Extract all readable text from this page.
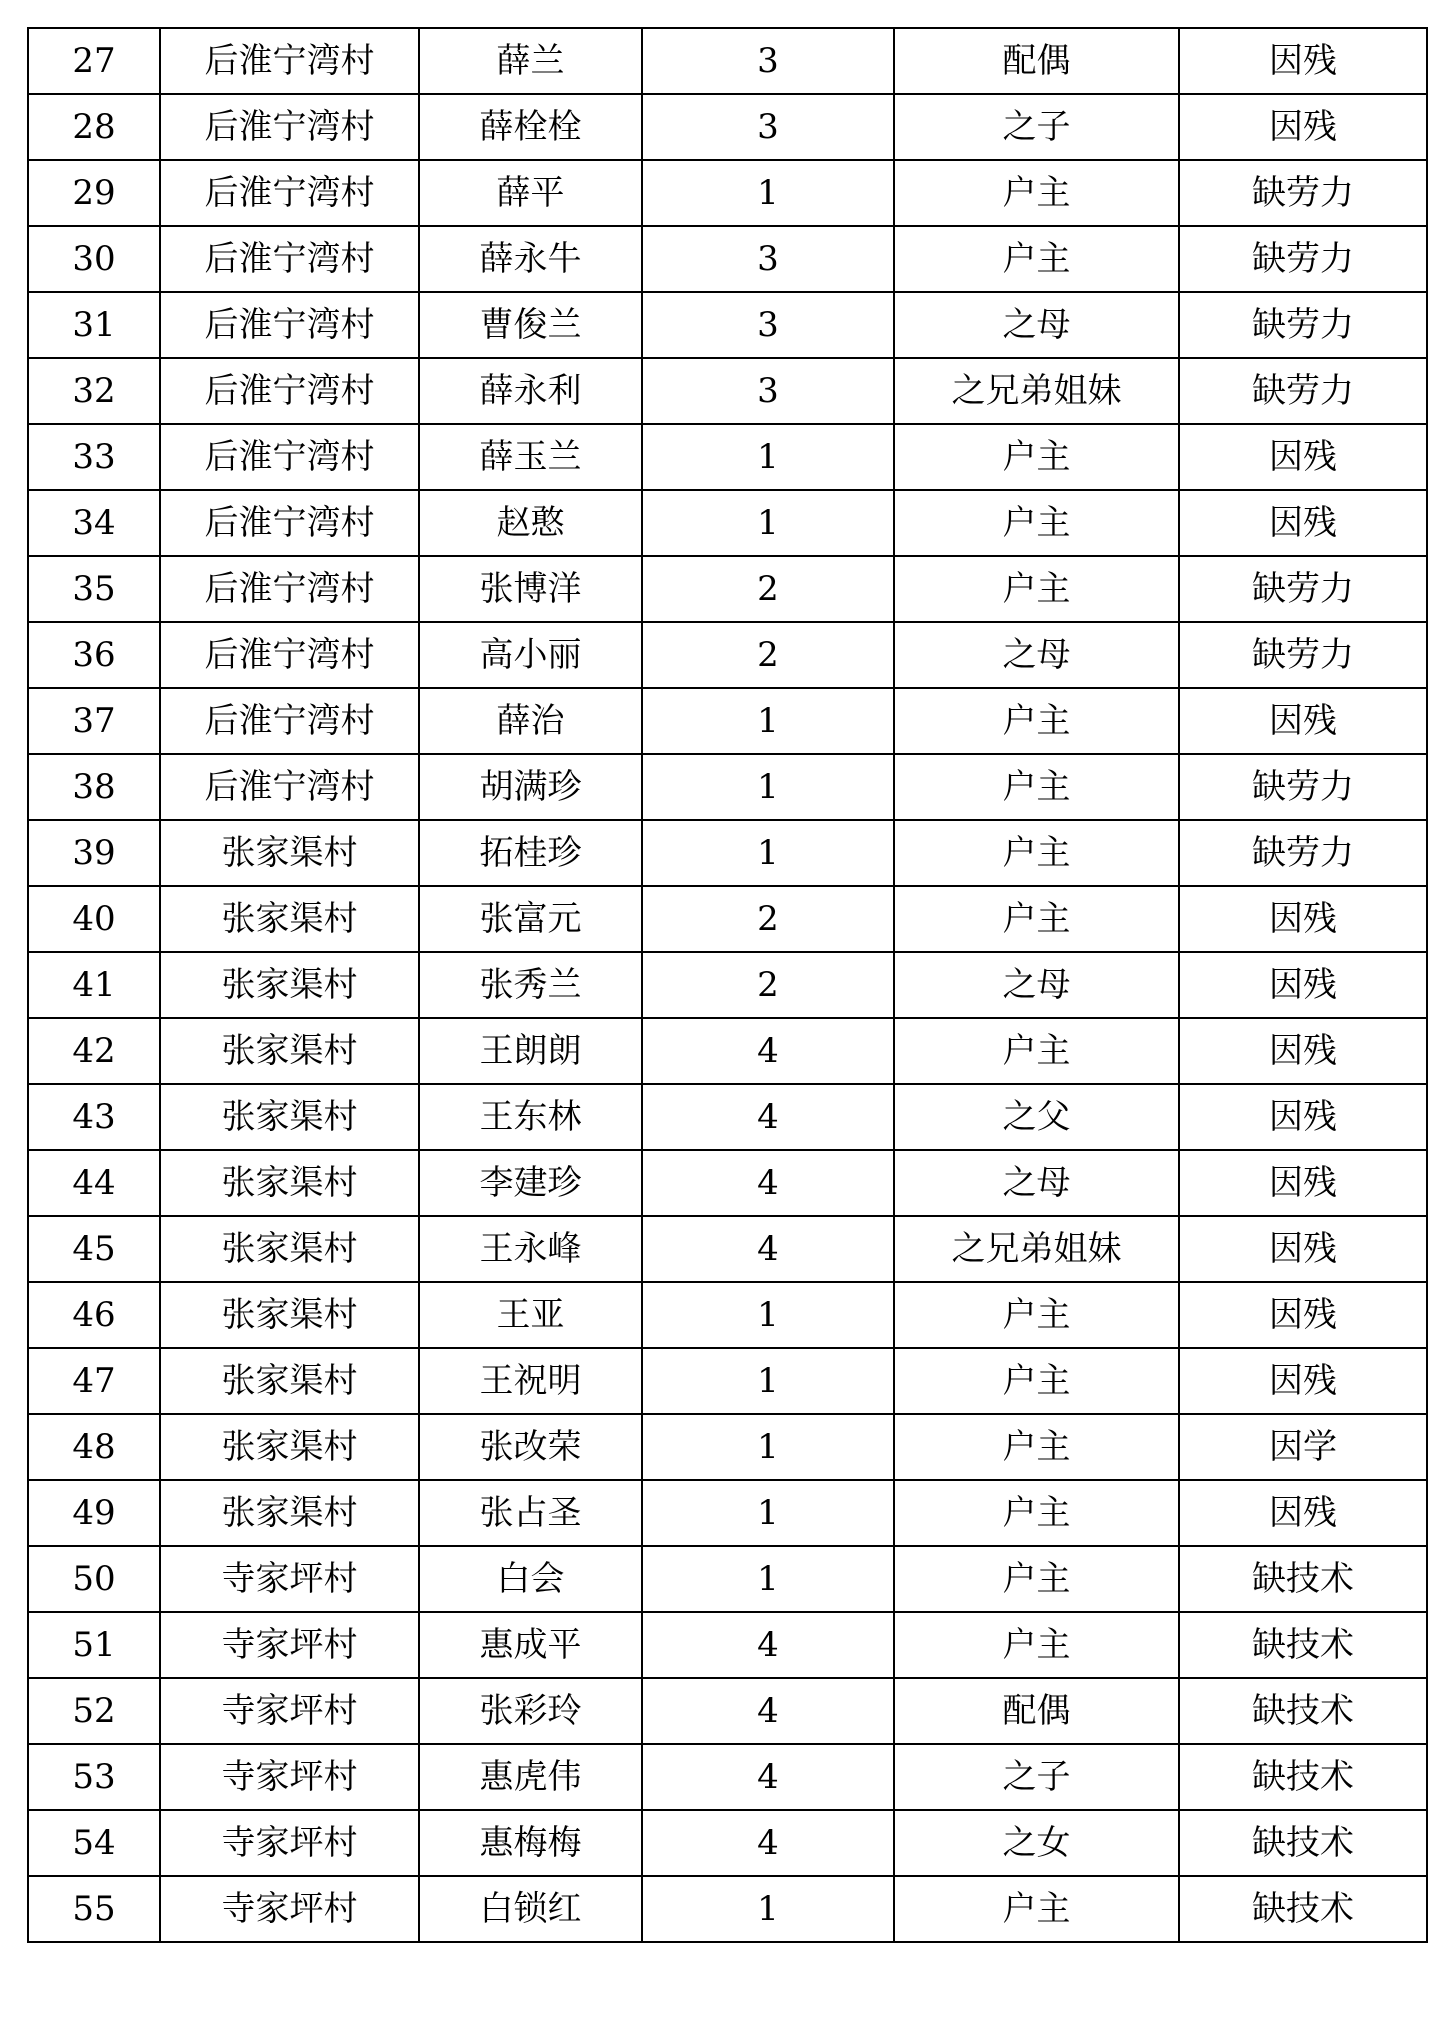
27	后淮宁湾村	薛兰	3	配偶	因残
28	后淮宁湾村	薛栓栓	3	之子	因残
29	后淮宁湾村	薛平	1	户主	缺劳力
30	后淮宁湾村	薛永牛	3	户主	缺劳力
31	后淮宁湾村	曹俊兰	3	之母	缺劳力
32	后淮宁湾村	薛永利	3	之兄弟姐妹	缺劳力
33	后淮宁湾村	薛玉兰	1	户主	因残
34	后淮宁湾村	赵憨	1	户主	因残
35	后淮宁湾村	张博洋	2	户主	缺劳力
36	后淮宁湾村	高小丽	2	之母	缺劳力
37	后淮宁湾村	薛治	1	户主	因残
38	后淮宁湾村	胡满珍	1	户主	缺劳力
39	张家渠村	拓桂珍	1	户主	缺劳力
40	张家渠村	张富元	2	户主	因残
41	张家渠村	张秀兰	2	之母	因残
42	张家渠村	王朗朗	4	户主	因残
43	张家渠村	王东林	4	之父	因残
44	张家渠村	李建珍	4	之母	因残
45	张家渠村	王永峰	4	之兄弟姐妹	因残
46	张家渠村	王亚	1	户主	因残
47	张家渠村	王祝明	1	户主	因残
48	张家渠村	张改荣	1	户主	因学
49	张家渠村	张占圣	1	户主	因残
50	寺家坪村	白会	1	户主	缺技术
51	寺家坪村	惠成平	4	户主	缺技术
52	寺家坪村	张彩玲	4	配偶	缺技术
53	寺家坪村	惠虎伟	4	之子	缺技术
54	寺家坪村	惠梅梅	4	之女	缺技术
55	寺家坪村	白锁红	1	户主	缺技术
